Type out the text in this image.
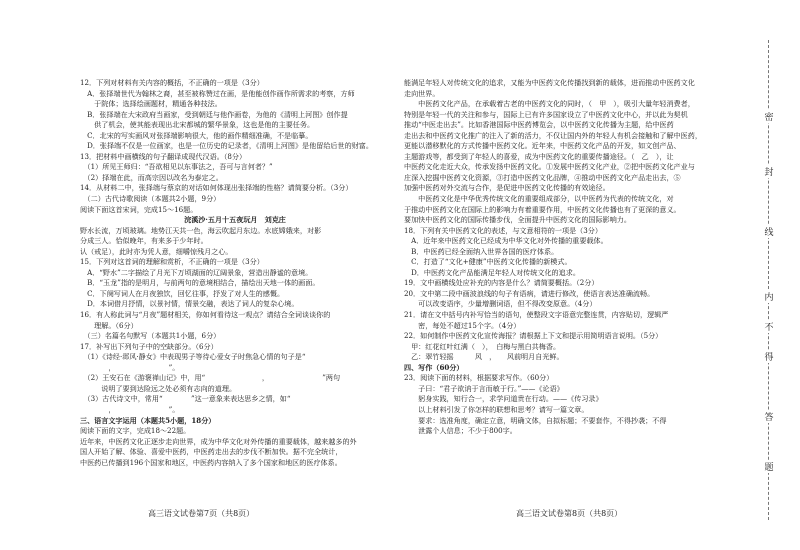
12．下列对材料有关内容的概括，不正确的一项是（3分）
　A．张择端世代为翰林之裔，甚至被称赞过在画，是他能创作画作所需求的考察，方师
　　于院体；选择绘画题材，精通各种技法。
　B．张择端在大宋政府当画家，受到朝廷与他作画卷，为他的《清明上河图》创作提
　　供了机会，使其能表现出北宋都城的繁华景象，这也是他的主要任务。
　C．北宋的写实画风对张择端影响很大，他的画作精细准确，不是临摹。
　D．张择端不仅是一位画家，也是一位历史的记录者，《清明上河图》是他留给后世的财富。
13．把材料中画横线的句子翻译成现代汉语。（8分）
　（1）所见王师归：“吾欲相见以东事法之，吾可与言何者？”
　（2）择端在此，而高宗因以改名为泰定之。
14．从材料二中，张择端与蔡京的对话如何体现出张择端的性格？请简要分析。（3分）
　（二）古代诗歌阅读（本题共2小题，9分）
阅读下面这首宋词，完成15～16题。
浣溪沙·五月十五夜玩月　刘克庄
野水长流，万顷玻璃。地势江天共一色，海云吹起月东边。水底嫦娥来，对影
分成三人。恰似晚年，有来多于少年时。
认（戒足），此时亦为凭人意，细嚼惊残月之心。
15．下列对这首词的理解和赏析，不正确的一项是（3分）
　A．“野水”二字描绘了月光下万顷湖面的辽阔景象，营造出静谧的意境。
　B．“玉龙”指的是明月，与前两句的意境相结合，描绘出天地一体的画面。
　C．下阕写词人在月夜独饮，回忆往事，抒发了对人生的感慨。
　D．本词借月抒情，以景衬情，情景交融，表达了词人的复杂心境。
16．有人称此词与“月夜”题材相关，你如何看待这一观点？请结合全词谈谈你的
　　理解。（6分）
　（三）名篇名句默写（本题共1小题，6分）
17．补写出下列句子中的空缺部分。（6分）
　（1）《诗经·邶风·静女》中表现男子等待心爱女子时焦急心情的句子是“　　　　　　
　　　　，　　　　　　　　”。
　（2）王安石在《游褒禅山记》中，用“　　　　　　　　，　　　　　　　　”两句
　　　说明了要到达险远之处必须有志向的道理。
　（3）古代诗文中，常用“　　　　”这一意象来表达思乡之情，如“　　　　　　
　　　　，　　　　　　　　”。
三、语言文字运用（本题共5小题，18分）
阅读下面的文字，完成18～22题。
近年来，中医药文化正逐步走向世界，成为中华文化对外传播的重要载体，越来越多的外
国人开始了解、体验、喜爱中医药，中医药走出去的步伐不断加快。据不完全统计，
中医药已传播到196个国家和地区，中医药内容纳入了多个国家和地区的医疗体系。　　　　
高三语文试卷第7页（共8页）
能满足年轻人对传统文化的追求，又能为中医药文化传播找到新的载体，进而推动中医药文化
走向世界。
　　中医药文化产品，在承载着古老的中医药文化的同时，（　甲　），吸引大量年轻消费者，
特别是年轻一代的关注和参与，国际上已有许多国家设立了中医药文化中心，并以此为契机
推动“中医走出去”。比如香港国际中医药博览会，以中医药文化传播为主题，给中医药
走出去和中医药文化推广的注入了新的活力，不仅让国内外的年轻人有机会接触和了解中医药，
更能以潜移默化的方式传播中医药文化。近年来，中医药文化产品的开发，如文创产品、
主题游戏等，都受到了年轻人的喜爱，成为中医药文化的重要传播途径。（　乙　），让
中医药文化走近大众，传承发扬中医药文化。①发展中医药文化产业，②把中医药文化产业与
庄深入挖掘中医药文化资源，③打造中医药文化品牌，④推动中医药文化产品走出去，⑤
加强中医药对外交流与合作，是促进中医药文化传播的有效途径。
　　中医药文化是中华优秀传统文化的重要组成部分，以中医药为代表的传统文化，对
于推动中医药文化在国际上的影响力有着重要作用，中医药文化传播也有了更深的意义。
要加快中医药文化的国际传播步伐，全面提升中医药文化的国际影响力。
18．下列有关中医药文化的表述，与文意相符的一项是（3分）
　A．近年来中医药文化已经成为中华文化对外传播的重要载体。
　B．中医药已经全面纳入世界各国的医疗体系。
　C．打造了“文化+健康”中医药文化传播的新模式。
　D．中医药文化产品能满足年轻人对传统文化的追求。
19．文中画横线处应补充的内容是什么？请简要概括。（2分）
20．文中第二段中画波浪线的句子有语病，请进行修改，使语言表达准确流畅。
　　可以改变语序，少量增删词语，但不得改变原意。（4分）
21．请在文中括号内补写恰当的语句，使整段文字语意完整连贯，内容贴切，逻辑严
　　密，每处不超过15个字。（4分）
22．如何制作中医药文化宣传海报？请根据上下文和提示用简明语言说明。（5分）
　甲：红花红叶红满（　），　白梅与黑白共梅香。
　乙：翠竹轻摇　　　风　，　　风前明月自光鲜。
四、写作（60分）
23．阅读下面的材料，根据要求写作。（60分）
　　子曰：“君子欲讷于言而敏于行。”——《论语》
　　躬身实践，知行合一，求学问道贵在行动。——《传习录》
　　以上材料引发了你怎样的联想和思考？请写一篇文章。
　　要求：选准角度，确定立意，明确文体，自拟标题；不要套作，不得抄袭；不得
　　泄露个人信息；不少于800字。
高三语文试卷第8页（共8页）
密
封
线
内
不
得
答
题
